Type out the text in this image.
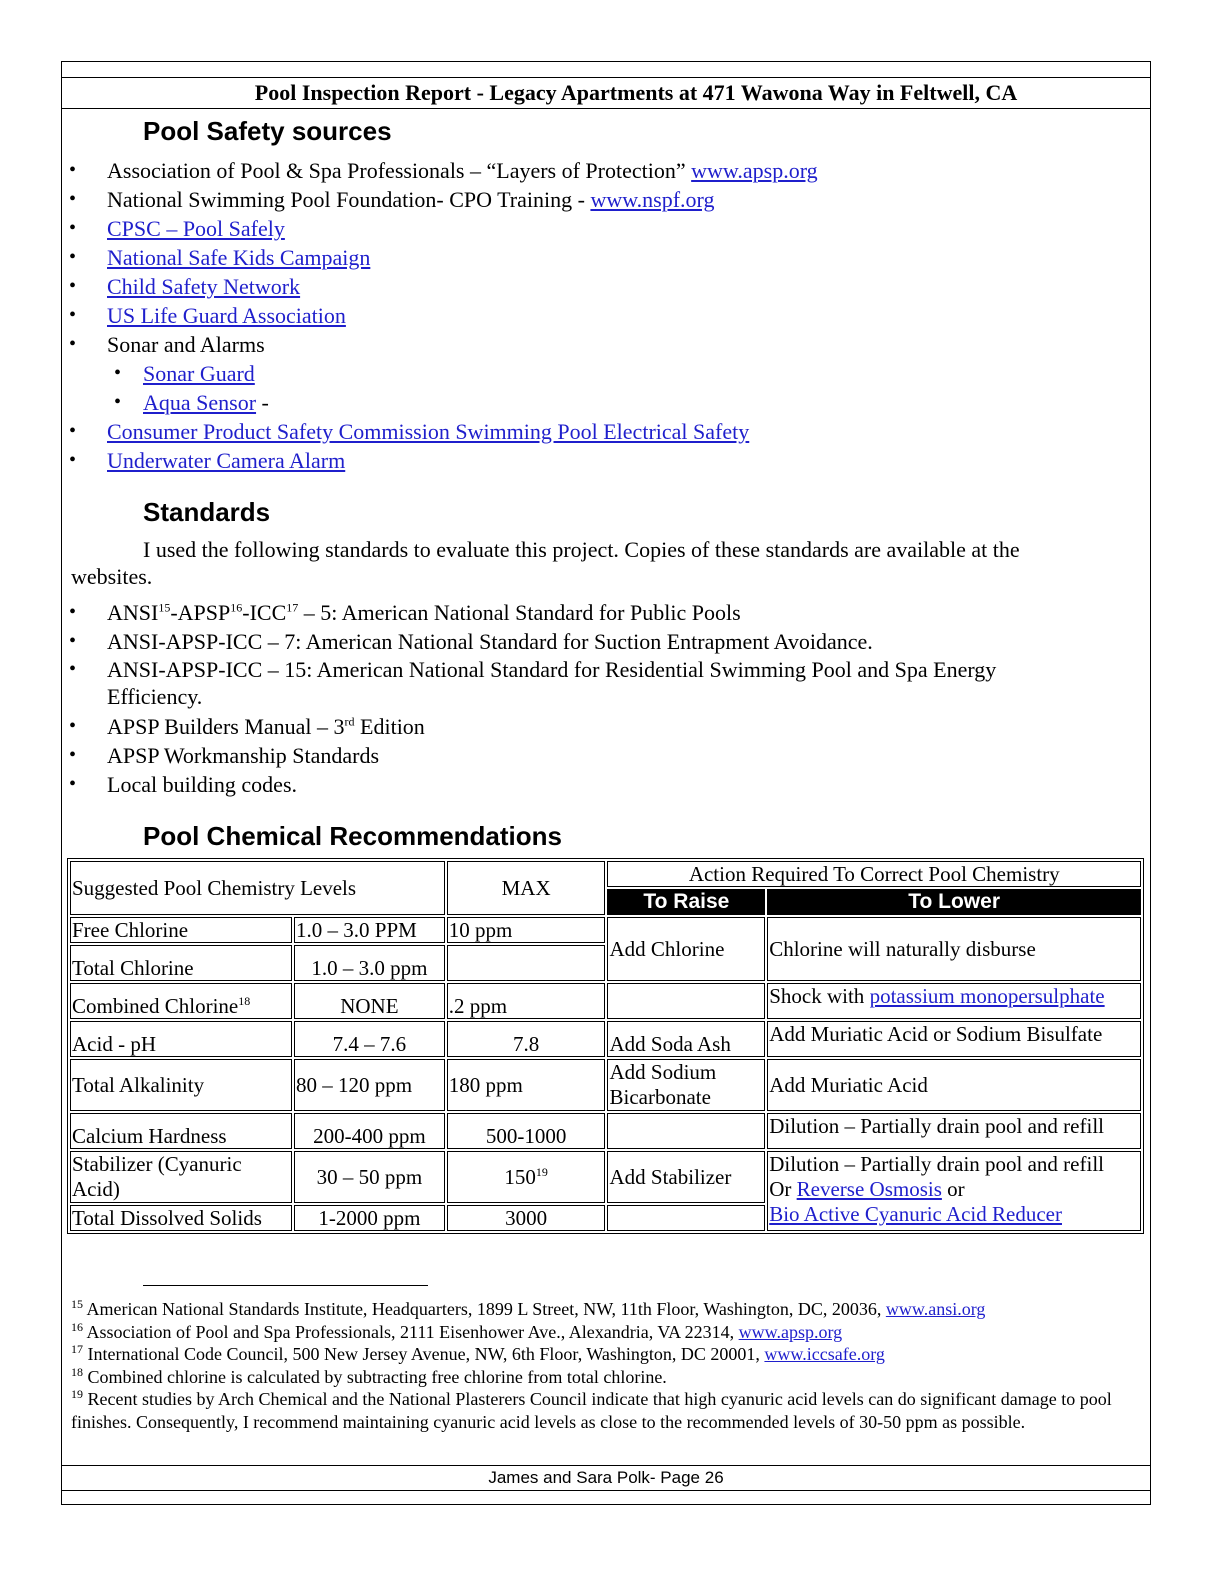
Pool Inspection Report - Legacy Apartments at 471 Wawona Way in Feltwell, CA
Pool Safety sources
• Association of Pool & Spa Professionals – “Layers of Protection” www.apsp.org
• National Swimming Pool Foundation- CPO Training - www.nspf.org
• CPSC – Pool Safely
• National Safe Kids Campaign
• Child Safety Network
• US Life Guard Association
• Sonar and Alarms
• Sonar Guard
• Aqua Sensor -
• Consumer Product Safety Commission Swimming Pool Electrical Safety
• Underwater Camera Alarm
Standards
I used the following standards to evaluate this project. Copies of these standards are available at the websites.
• ANSI$^{15}$-APSP$^{16}$-ICC$^{17}$ – 5: American National Standard for Public Pools
• ANSI-APSP-ICC – 7: American National Standard for Suction Entrapment Avoidance.
• ANSI-APSP-ICC – 15: American National Standard for Residential Swimming Pool and Spa Energy Efficiency.
• APSP Builders Manual – 3rd Edition
• APSP Workmanship Standards
• Local building codes.
Pool Chemical Recommendations
Suggested Pool Chemistry Levels		MAX	Action Required To Correct Pool Chemistry	
			To Raise	To Lower
Free Chlorine	1.0 – 3.0 PPM	10 ppm	Add Chlorine	Chlorine will naturally disburse
Total Chlorine	1.0 – 3.0 ppm			
Combined Chlorine$^{18}$	NONE	.2 ppm		Shock with potassium monopersulphate
Acid - pH	7.4 – 7.6	7.8	Add Soda Ash	Add Muriatic Acid or Sodium Bisulfate
Total Alkalinity	80 – 120 ppm	180 ppm	Add Sodium Bicarbonate	Add Muriatic Acid
Calcium Hardness	200-400 ppm	500-1000		Dilution – Partially drain pool and refill
Stabilizer (Cyanuric Acid)	30 – 50 ppm	$150^{19}$	Add Stabilizer	Dilution – Partially drain pool and refill
Or Reverse Osmosis or
Bio Active Cyanuric Acid Reducer
Total Dissolved Solids	1-2000 ppm	3000		
$^{15}$ American National Standards Institute, Headquarters, 1899 L Street, NW, 11th Floor, Washington, DC, 20036, www.ansi.org
$^{16}$ Association of Pool and Spa Professionals, 2111 Eisenhower Ave., Alexandria, VA 22314, www.apsp.org
$^{17}$ International Code Council, 500 New Jersey Avenue, NW, 6th Floor, Washington, DC 20001, www.iccsafe.org
$^{18}$ Combined chlorine is calculated by subtracting free chlorine from total chlorine.
$^{19}$ Recent studies by Arch Chemical and the National Plasterers Council indicate that high cyanuric acid levels can do significant damage to pool finishes. Consequently, I recommend maintaining cyanuric acid levels as close to the recommended levels of 30-50 ppm as possible.
James and Sara Polk- Page 26
